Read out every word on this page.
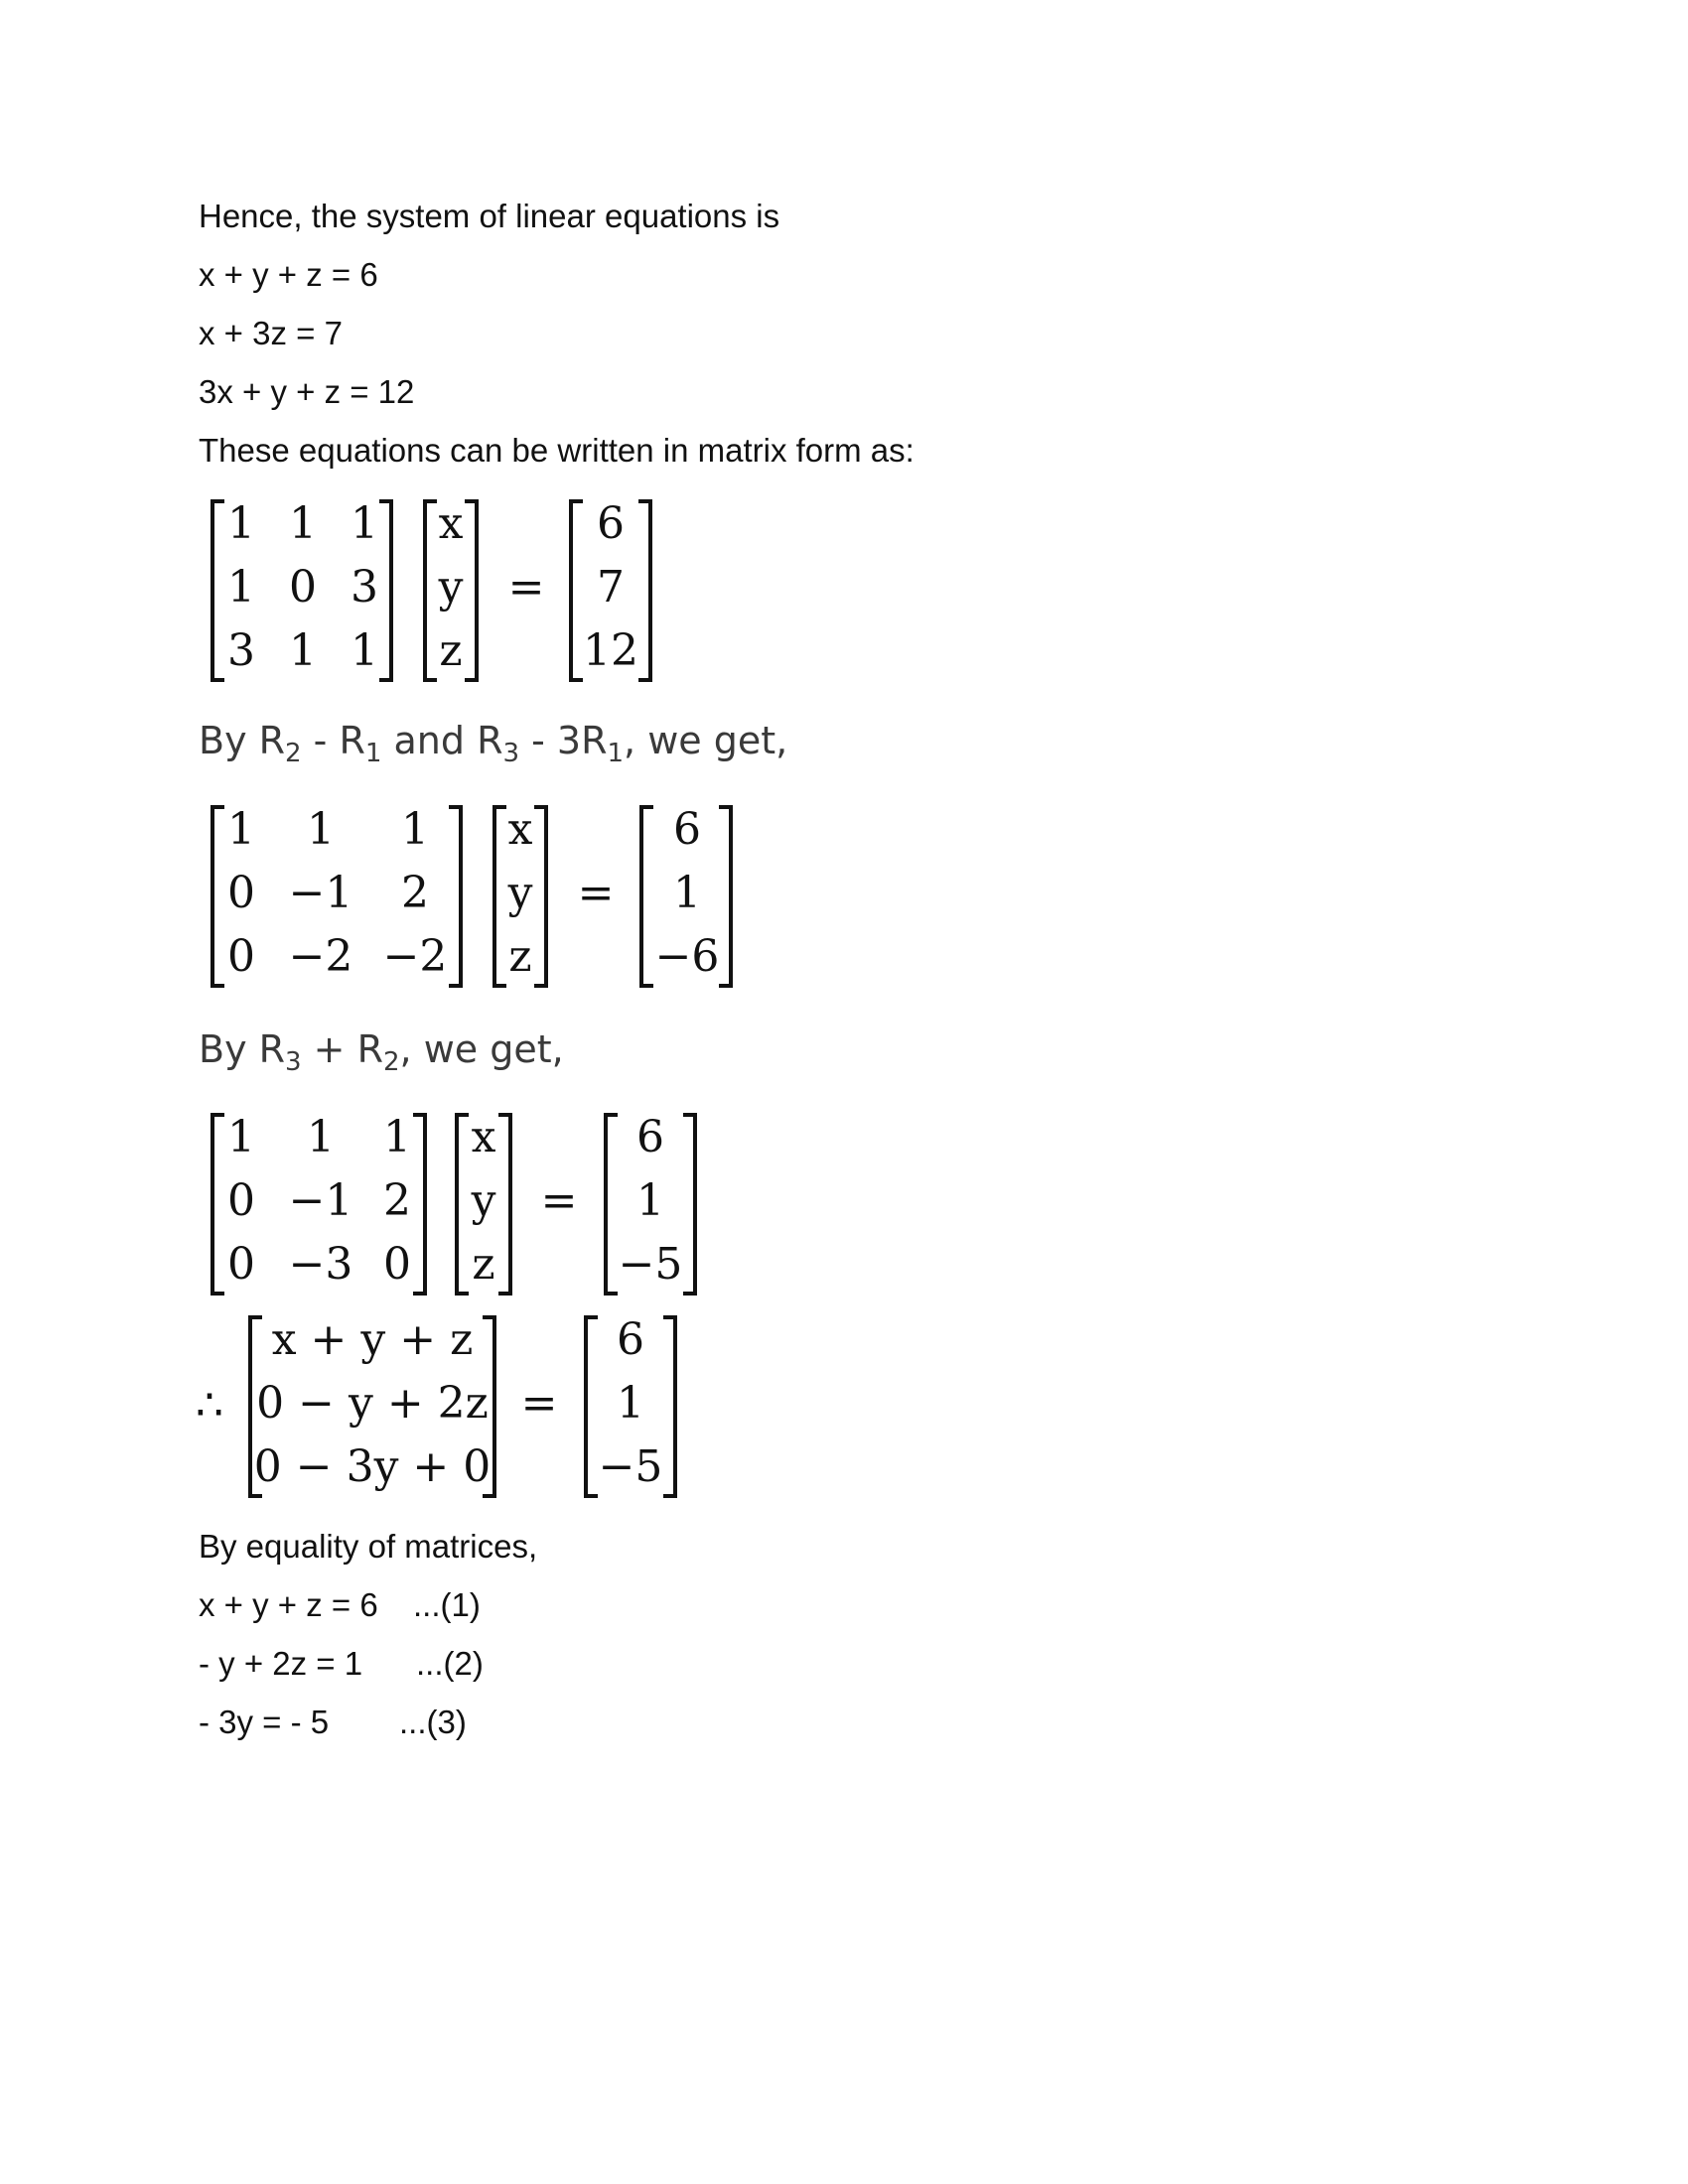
Hence, the system of linear equations is
x + y + z = 6
x + 3z = 7
3x + y + z = 12
These equations can be written in matrix form as:
By $R_2 - R_1$ and $R_3 - 3R_1$, we get,
By $R_3 + R_2$, we get,
1 1 1
1 0 3
3 1 1
x
y
z
=
6
7
12
1 1 1
0 −1 2
0 −2 −2
x
y
z
=
6
1
−6
1 1 1
0 −1 2
0 −3 0
x
y
z
=
6
1
−5
∴
x + y + z
0 − y + 2z
0 − 3y + 0
=
6
1
−5
By equality of matrices,
x + y + z = 6 ...(1)
- y + 2z = 1 ...(2)
- 3y = - 5 ...(3)
